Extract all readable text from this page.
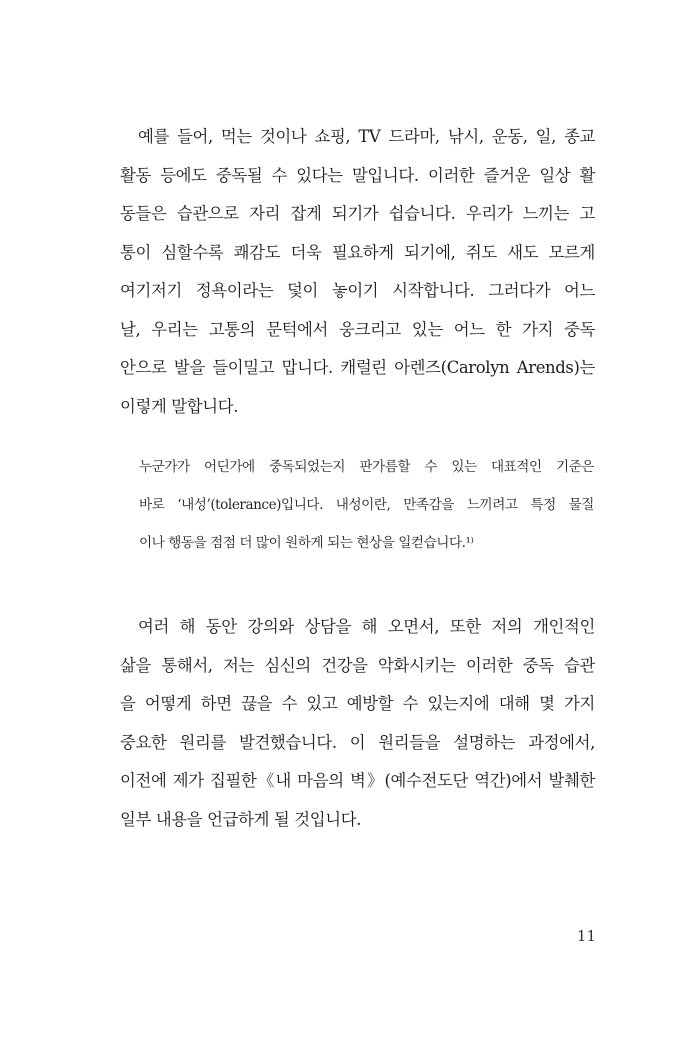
예를 들어, 먹는 것이나 쇼핑, TV 드라마, 낚시, 운동, 일, 종교
활동 등에도 중독될 수 있다는 말입니다. 이러한 즐거운 일상 활
동들은 습관으로 자리 잡게 되기가 쉽습니다. 우리가 느끼는 고
통이 심할수록 쾌감도 더욱 필요하게 되기에, 쥐도 새도 모르게
여기저기 정욕이라는 덫이 놓이기 시작합니다. 그러다가 어느
날, 우리는 고통의 문턱에서 웅크리고 있는 어느 한 가지 중독
안으로 발을 들이밀고 맙니다. 캐럴린 아렌즈(Carolyn Arends)는
이렇게 말합니다.

누군가가 어딘가에 중독되었는지 판가름할 수 있는 대표적인 기준은
바로 ‘내성’(tolerance)입니다. 내성이란, 만족감을 느끼려고 특정 물질
이나 행동을 점점 더 많이 원하게 되는 현상을 일컫습니다.¹⁾

여러 해 동안 강의와 상담을 해 오면서, 또한 저의 개인적인
삶을 통해서, 저는 심신의 건강을 악화시키는 이러한 중독 습관
을 어떻게 하면 끊을 수 있고 예방할 수 있는지에 대해 몇 가지
중요한 원리를 발견했습니다. 이 원리들을 설명하는 과정에서,
이전에 제가 집필한《내 마음의 벽》(예수전도단 역간)에서 발췌한
일부 내용을 언급하게 될 것입니다.

11
